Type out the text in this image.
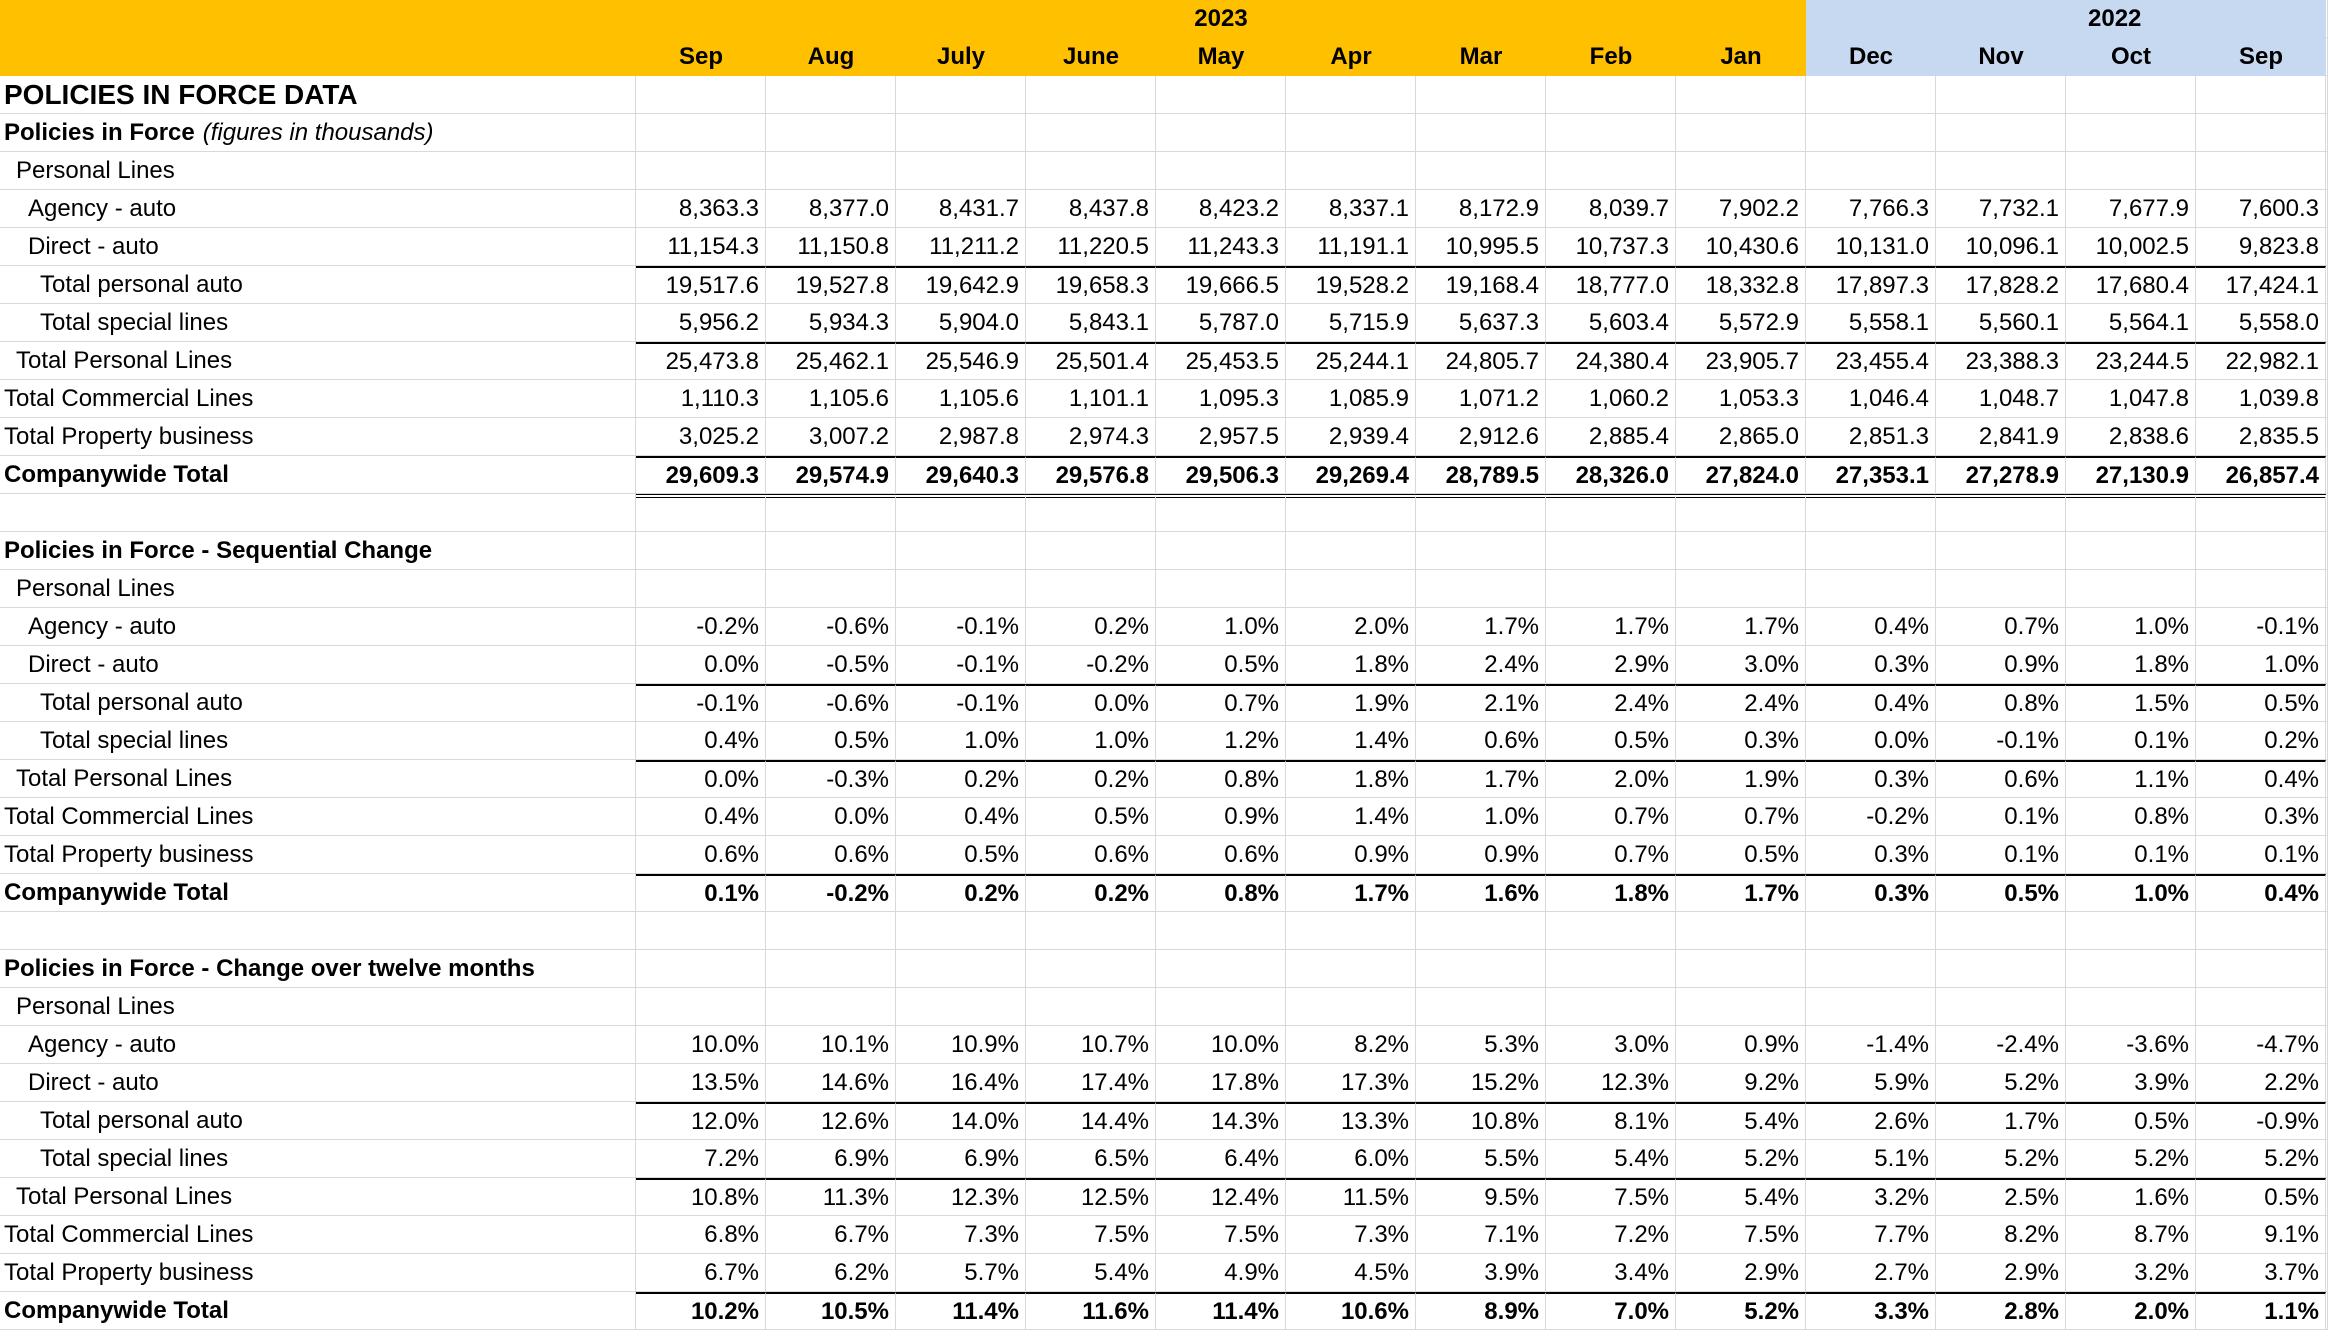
2023	2022
Sep	Aug	July	June	May	Apr	Mar	Feb	Jan	Dec	Nov	Oct	Sep
POLICIES IN FORCE DATA
Policies in Force (figures in thousands)
Personal Lines
Agency - auto	8,363.3	8,377.0	8,431.7	8,437.8	8,423.2	8,337.1	8,172.9	8,039.7	7,902.2	7,766.3	7,732.1	7,677.9	7,600.3
Direct - auto	11,154.3	11,150.8	11,211.2	11,220.5	11,243.3	11,191.1	10,995.5	10,737.3	10,430.6	10,131.0	10,096.1	10,002.5	9,823.8
Total personal auto	19,517.6	19,527.8	19,642.9	19,658.3	19,666.5	19,528.2	19,168.4	18,777.0	18,332.8	17,897.3	17,828.2	17,680.4	17,424.1
Total special lines	5,956.2	5,934.3	5,904.0	5,843.1	5,787.0	5,715.9	5,637.3	5,603.4	5,572.9	5,558.1	5,560.1	5,564.1	5,558.0
Total Personal Lines	25,473.8	25,462.1	25,546.9	25,501.4	25,453.5	25,244.1	24,805.7	24,380.4	23,905.7	23,455.4	23,388.3	23,244.5	22,982.1
Total Commercial Lines	1,110.3	1,105.6	1,105.6	1,101.1	1,095.3	1,085.9	1,071.2	1,060.2	1,053.3	1,046.4	1,048.7	1,047.8	1,039.8
Total Property business	3,025.2	3,007.2	2,987.8	2,974.3	2,957.5	2,939.4	2,912.6	2,885.4	2,865.0	2,851.3	2,841.9	2,838.6	2,835.5
Companywide Total	29,609.3	29,574.9	29,640.3	29,576.8	29,506.3	29,269.4	28,789.5	28,326.0	27,824.0	27,353.1	27,278.9	27,130.9	26,857.4
Policies in Force - Sequential Change
Personal Lines
Agency - auto	-0.2%	-0.6%	-0.1%	0.2%	1.0%	2.0%	1.7%	1.7%	1.7%	0.4%	0.7%	1.0%	-0.1%
Direct - auto	0.0%	-0.5%	-0.1%	-0.2%	0.5%	1.8%	2.4%	2.9%	3.0%	0.3%	0.9%	1.8%	1.0%
Total personal auto	-0.1%	-0.6%	-0.1%	0.0%	0.7%	1.9%	2.1%	2.4%	2.4%	0.4%	0.8%	1.5%	0.5%
Total special lines	0.4%	0.5%	1.0%	1.0%	1.2%	1.4%	0.6%	0.5%	0.3%	0.0%	-0.1%	0.1%	0.2%
Total Personal Lines	0.0%	-0.3%	0.2%	0.2%	0.8%	1.8%	1.7%	2.0%	1.9%	0.3%	0.6%	1.1%	0.4%
Total Commercial Lines	0.4%	0.0%	0.4%	0.5%	0.9%	1.4%	1.0%	0.7%	0.7%	-0.2%	0.1%	0.8%	0.3%
Total Property business	0.6%	0.6%	0.5%	0.6%	0.6%	0.9%	0.9%	0.7%	0.5%	0.3%	0.1%	0.1%	0.1%
Companywide Total	0.1%	-0.2%	0.2%	0.2%	0.8%	1.7%	1.6%	1.8%	1.7%	0.3%	0.5%	1.0%	0.4%
Policies in Force - Change over twelve months
Personal Lines
Agency - auto	10.0%	10.1%	10.9%	10.7%	10.0%	8.2%	5.3%	3.0%	0.9%	-1.4%	-2.4%	-3.6%	-4.7%
Direct - auto	13.5%	14.6%	16.4%	17.4%	17.8%	17.3%	15.2%	12.3%	9.2%	5.9%	5.2%	3.9%	2.2%
Total personal auto	12.0%	12.6%	14.0%	14.4%	14.3%	13.3%	10.8%	8.1%	5.4%	2.6%	1.7%	0.5%	-0.9%
Total special lines	7.2%	6.9%	6.9%	6.5%	6.4%	6.0%	5.5%	5.4%	5.2%	5.1%	5.2%	5.2%	5.2%
Total Personal Lines	10.8%	11.3%	12.3%	12.5%	12.4%	11.5%	9.5%	7.5%	5.4%	3.2%	2.5%	1.6%	0.5%
Total Commercial Lines	6.8%	6.7%	7.3%	7.5%	7.5%	7.3%	7.1%	7.2%	7.5%	7.7%	8.2%	8.7%	9.1%
Total Property business	6.7%	6.2%	5.7%	5.4%	4.9%	4.5%	3.9%	3.4%	2.9%	2.7%	2.9%	3.2%	3.7%
Companywide Total	10.2%	10.5%	11.4%	11.6%	11.4%	10.6%	8.9%	7.0%	5.2%	3.3%	2.8%	2.0%	1.1%
